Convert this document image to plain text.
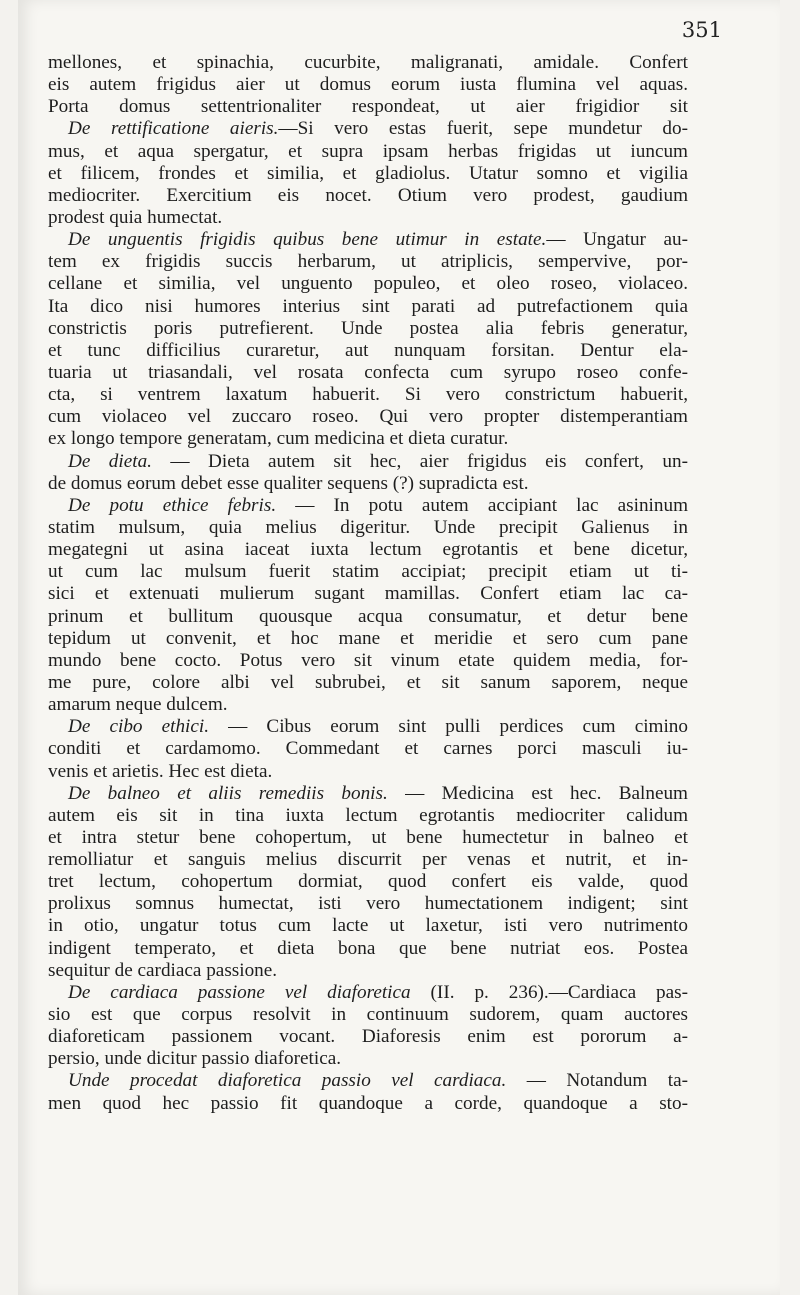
351
mellones, et spinachia, cucurbite, maligranati, amidale. Confert
eis autem frigidus aier ut domus eorum iusta flumina vel aquas.
Porta domus settentrionaliter respondeat, ut aier frigidior sit
De rettificatione aieris.—Si vero estas fuerit, sepe mundetur do-
mus, et aqua spergatur, et supra ipsam herbas frigidas ut iuncum
et filicem, frondes et similia, et gladiolus. Utatur somno et vigilia
mediocriter. Exercitium eis nocet. Otium vero prodest, gaudium
prodest quia humectat.
De unguentis frigidis quibus bene utimur in estate.— Ungatur au-
tem ex frigidis succis herbarum, ut atriplicis, sempervive, por-
cellane et similia, vel unguento populeo, et oleo roseo, violaceo.
Ita dico nisi humores interius sint parati ad putrefactionem quia
constrictis poris putrefierent. Unde postea alia febris generatur,
et tunc difficilius curaretur, aut nunquam forsitan. Dentur ela-
tuaria ut triasandali, vel rosata confecta cum syrupo roseo confe-
cta, si ventrem laxatum habuerit. Si vero constrictum habuerit,
cum violaceo vel zuccaro roseo. Qui vero propter distemperantiam
ex longo tempore generatam, cum medicina et dieta curatur.
De dieta. — Dieta autem sit hec, aier frigidus eis confert, un-
de domus eorum debet esse qualiter sequens (?) supradicta est.
De potu ethice febris. — In potu autem accipiant lac asininum
statim mulsum, quia melius digeritur. Unde precipit Galienus in
megategni ut asina iaceat iuxta lectum egrotantis et bene dicetur,
ut cum lac mulsum fuerit statim accipiat; precipit etiam ut ti-
sici et extenuati mulierum sugant mamillas. Confert etiam lac ca-
prinum et bullitum quousque acqua consumatur, et detur bene
tepidum ut convenit, et hoc mane et meridie et sero cum pane
mundo bene cocto. Potus vero sit vinum etate quidem media, for-
me pure, colore albi vel subrubei, et sit sanum saporem, neque
amarum neque dulcem.
De cibo ethici. — Cibus eorum sint pulli perdices cum cimino
conditi et cardamomo. Commedant et carnes porci masculi iu-
venis et arietis. Hec est dieta.
De balneo et aliis remediis bonis. — Medicina est hec. Balneum
autem eis sit in tina iuxta lectum egrotantis mediocriter calidum
et intra stetur bene cohopertum, ut bene humectetur in balneo et
remolliatur et sanguis melius discurrit per venas et nutrit, et in-
tret lectum, cohopertum dormiat, quod confert eis valde, quod
prolixus somnus humectat, isti vero humectationem indigent; sint
in otio, ungatur totus cum lacte ut laxetur, isti vero nutrimento
indigent temperato, et dieta bona que bene nutriat eos. Postea
sequitur de cardiaca passione.
De cardiaca passione vel diaforetica (II. p. 236).—Cardiaca pas-
sio est que corpus resolvit in continuum sudorem, quam auctores
diaforeticam passionem vocant. Diaforesis enim est pororum a-
persio, unde dicitur passio diaforetica.
Unde procedat diaforetica passio vel cardiaca. — Notandum ta-
men quod hec passio fit quandoque a corde, quandoque a sto-
